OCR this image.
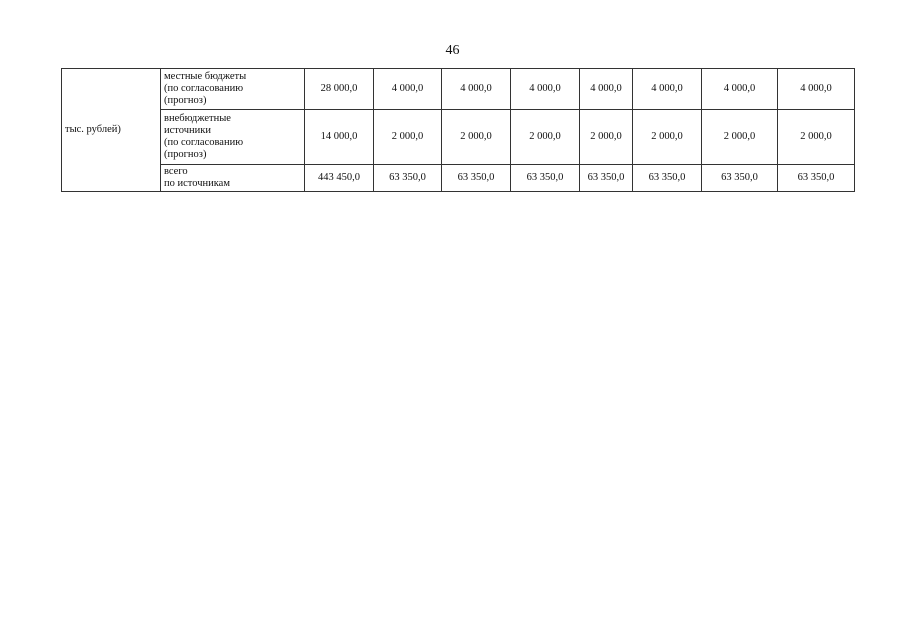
46
тыс. рублей)	местные бюджеты
(по согласованию
(прогноз)	28 000,0	4 000,0	4 000,0	4 000,0	4 000,0	4 000,0	4 000,0	4 000,0

	внебюджетные
источники
(по согласованию
(прогноз)	14 000,0	2 000,0	2 000,0	2 000,0	2 000,0	2 000,0	2 000,0	2 000,0

	всего
по источникам	443 450,0	63 350,0	63 350,0	63 350,0	63 350,0	63 350,0	63 350,0	63 350,0
